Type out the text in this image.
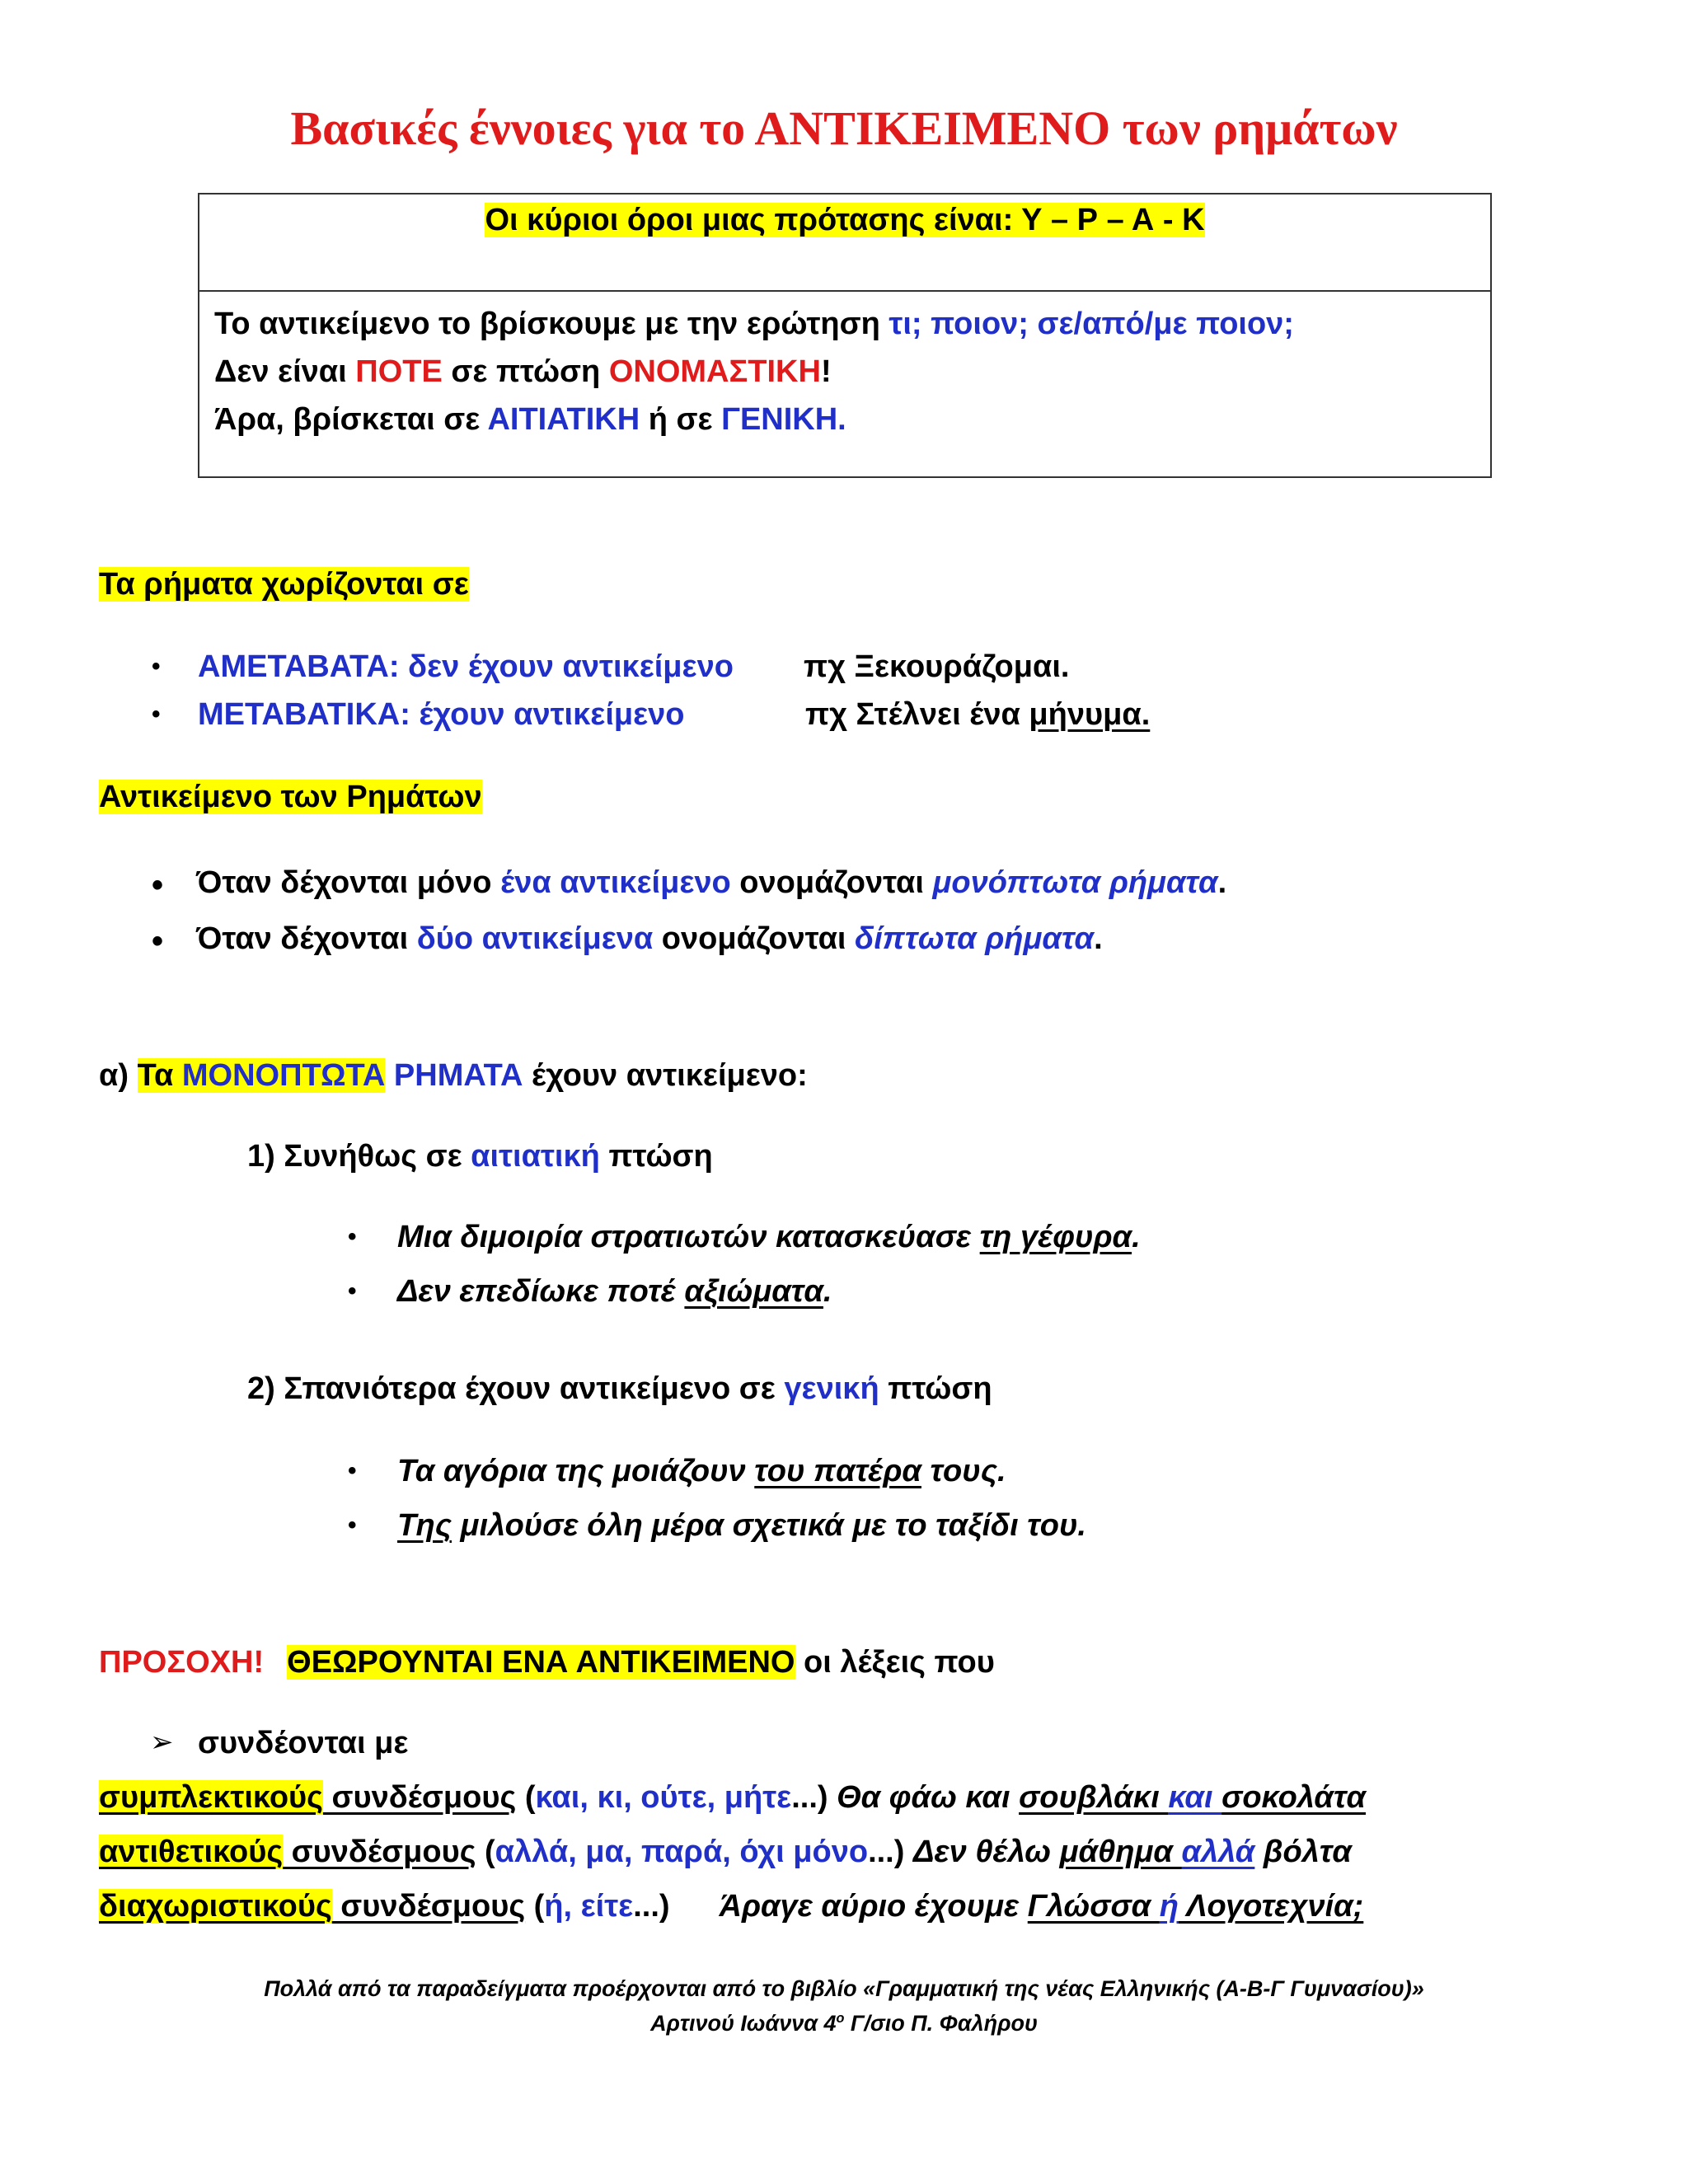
Βασικές έννοιες για το ΑΝΤΙΚΕΙΜΕΝΟ των ρημάτων
Οι κύριοι όροι μιας πρότασης είναι: Υ – Ρ – Α - Κ
Το αντικείμενο το βρίσκουμε με την ερώτηση τι; ποιον; σε/από/με ποιον;
Δεν είναι ΠΟΤΕ σε πτώση ΟΝΟΜΑΣΤΙΚΗ!
Άρα, βρίσκεται σε ΑΙΤΙΑΤΙΚΗ ή σε ΓΕΝΙΚΗ.
Τα ρήματα χωρίζονται σε
• ΑΜΕΤΑΒΑΤΑ: δεν έχουν αντικείμενο πχ Ξεκουράζομαι.
• ΜΕΤΑΒΑΤΙΚΑ: έχουν αντικείμενο	πχ Στέλνει ένα μήνυμα.
Αντικείμενο των Ρημάτων
• Όταν δέχονται μόνο ένα αντικείμενο ονομάζονται μονόπτωτα ρήματα.
• Όταν δέχονται δύο αντικείμενα ονομάζονται δίπτωτα ρήματα.
α) Τα ΜΟΝΟΠΤΩΤΑ ΡΗΜΑΤΑ έχουν αντικείμενο:
1) Συνήθως σε αιτιατική πτώση
• Μια διμοιρία στρατιωτών κατασκεύασε τη γέφυρα.
• Δεν επεδίωκε ποτέ αξιώματα.
2) Σπανιότερα έχουν αντικείμενο σε γενική πτώση
• Τα αγόρια της μοιάζουν του πατέρα τους.
• Της μιλούσε όλη μέρα σχετικά με το ταξίδι του.
ΠΡΟΣΟΧΗ! ΘΕΩΡΟΥΝΤΑΙ ΕΝΑ ΑΝΤΙΚΕΙΜΕΝΟ οι λέξεις που
➢ συνδέονται με
συμπλεκτικούς συνδέσμους (και, κι, ούτε, μήτε...) Θα φάω και σουβλάκι και σοκολάτα
αντιθετικούς συνδέσμους (αλλά, μα, παρά, όχι μόνο...) Δεν θέλω μάθημα αλλά βόλτα
διαχωριστικούς συνδέσμους (ή, είτε...) Άραγε αύριο έχουμε Γλώσσα ή Λογοτεχνία;
Πολλά από τα παραδείγματα προέρχονται από το βιβλίο «Γραμματική της νέας Ελληνικής (Α-Β-Γ Γυμνασίου)»
Αρτινού Ιωάννα $4^o$ Γ/σιο Π. Φαλήρου
